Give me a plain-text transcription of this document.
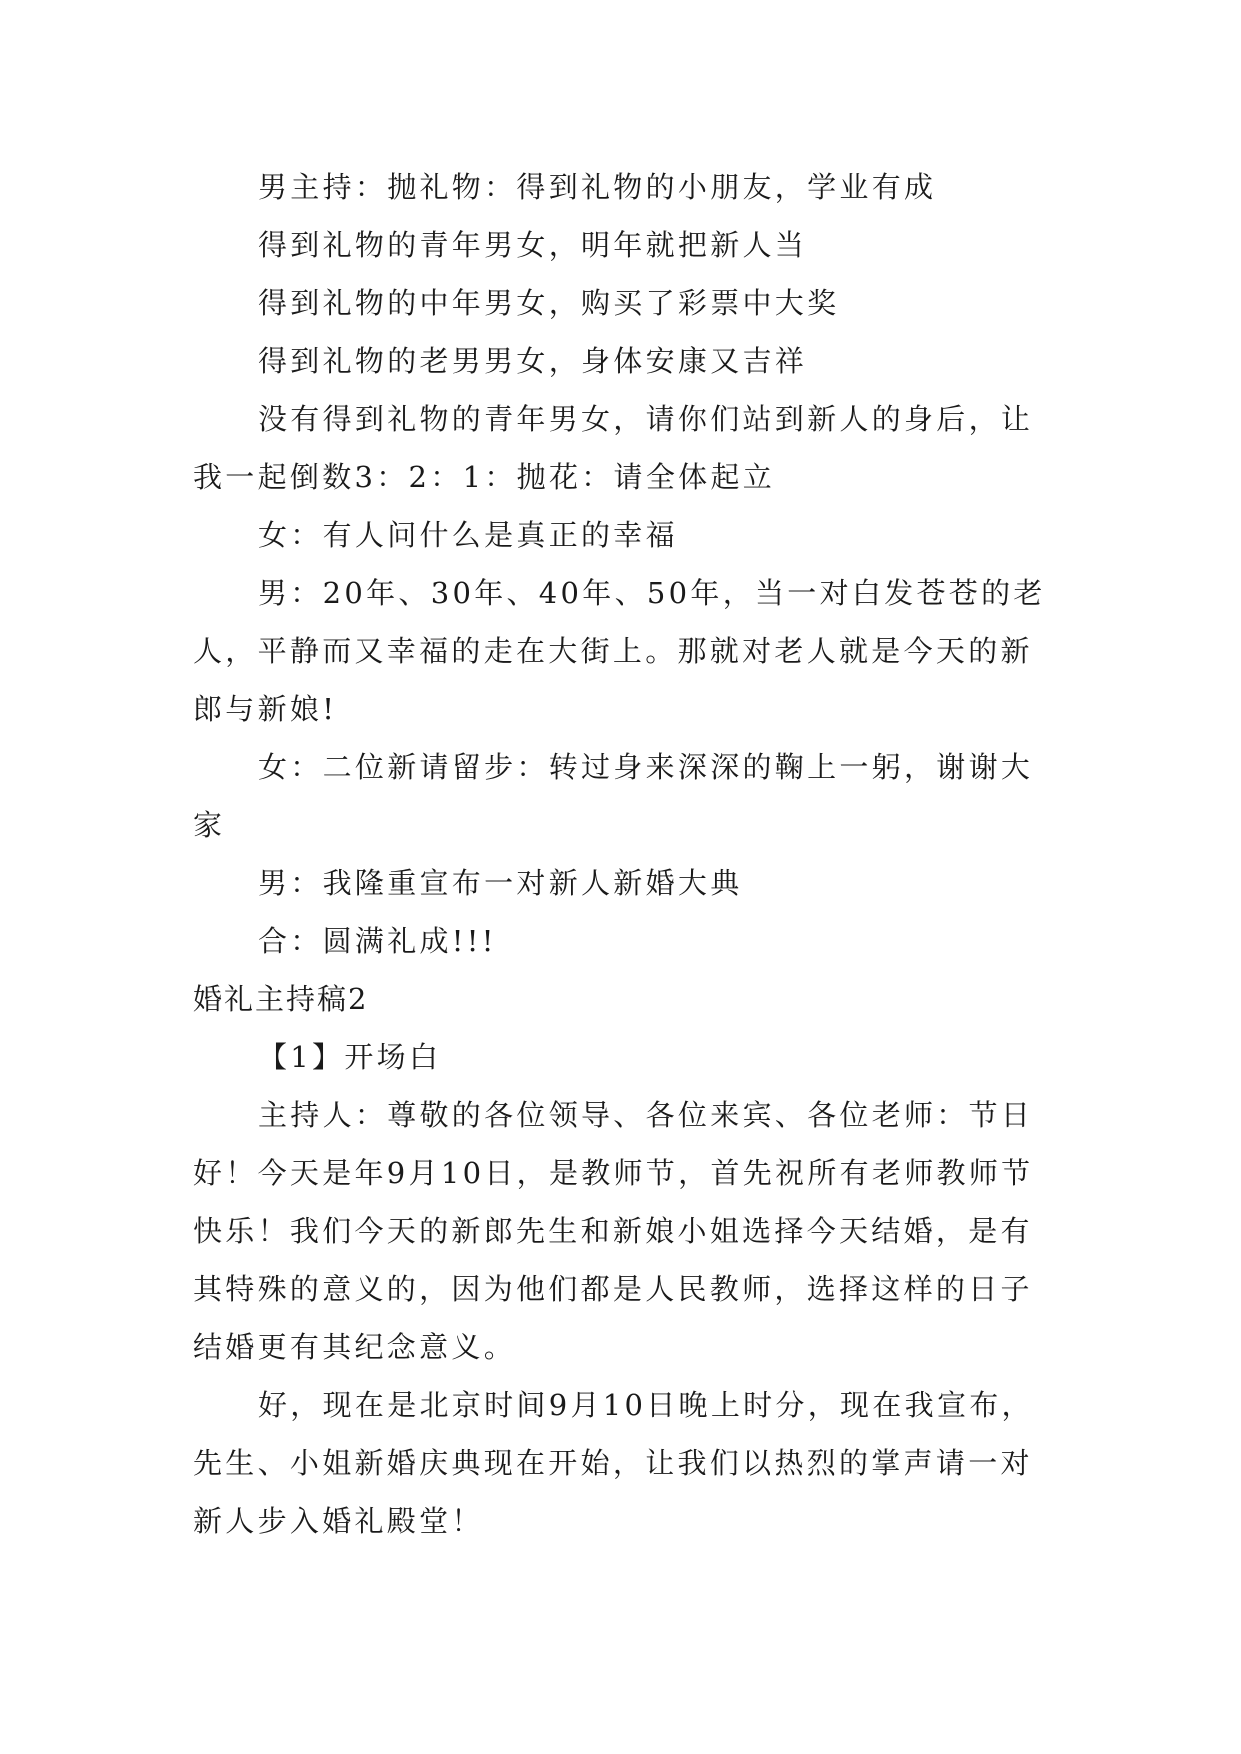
男主持：抛礼物：得到礼物的小朋友，学业有成

得到礼物的青年男女，明年就把新人当

得到礼物的中年男女，购买了彩票中大奖

得到礼物的老男男女，身体安康又吉祥

没有得到礼物的青年男女，请你们站到新人的身后，让我一起倒数3：2：1：抛花：请全体起立

女：有人问什么是真正的幸福

男：20年、30年、40年、50年，当一对白发苍苍的老人，平静而又幸福的走在大街上。那就对老人就是今天的新郎与新娘!

女：二位新请留步：转过身来深深的鞠上一躬，谢谢大家

男：我隆重宣布一对新人新婚大典

合：圆满礼成!!!

婚礼主持稿2

【1】开场白

主持人：尊敬的各位领导、各位来宾、各位老师：节日好！今天是年9月10日，是教师节，首先祝所有老师教师节快乐！我们今天的新郎先生和新娘小姐选择今天结婚，是有其特殊的意义的，因为他们都是人民教师，选择这样的日子结婚更有其纪念意义。

好，现在是北京时间9月10日晚上时分，现在我宣布，先生、小姐新婚庆典现在开始，让我们以热烈的掌声请一对新人步入婚礼殿堂！
